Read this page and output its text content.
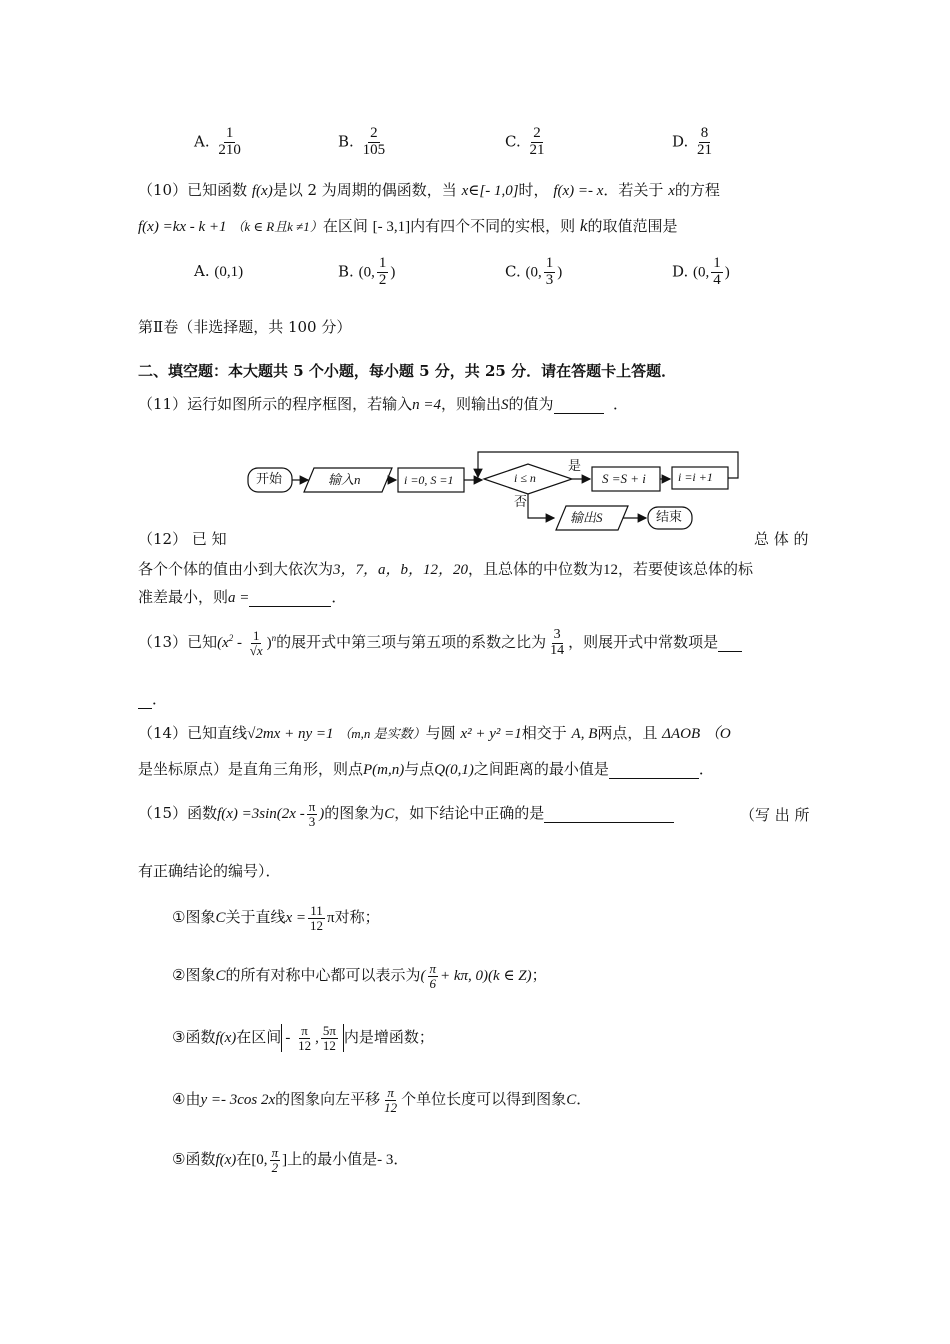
A. $\frac{1}{210}$	B. $\frac{2}{105}$	C. $\frac{2}{21}$	D. $\frac{8}{21}$
（10）已知函数 f(x)是以 2 为周期的偶函数，当 x∈[- 1,0]时， f(x) =- x．若关于 x的方程
f(x) =kx - k +1 （k ∈ R且k ≠1）在区间 [- 3,1]内有四个不同的实根，则 k的取值范围是
A. (0,1)	B. (0, $\frac{1}{2}$ )	C. (0, $\frac{1}{3}$ )	D. (0, $\frac{1}{4}$ )
第Ⅱ卷（非选择题，共 100 分）
二、填空题：本大题共 5 个小题，每小题 5 分，共 25 分．请在答题卡上答题．
（11）运行如图所示的程序框图，若输入n =4，则输出S的值为	．
开始	输入n	i =0, S =1	i ≤ n
是
否
S =S + i	i =i +1
输出S	结束
（12） 已 知	总 体 的
各个个体的值由小到大依次为3，7，a，b，12，20，且总体的中位数为12，若要使该总体的标
准差最小，则a =	．
（13）已知$(x^2 - \frac{1}{√x} )^n$的展开式中第三项与第五项的系数之比为 $\frac{3}{14}$ ，则展开式中常数项是
．
（14）已知直线√2mx + ny =1 （m,n 是实数）与圆 x² + y² =1相交于 A, B两点，且 ΔAOB （O
是坐标原点）是直角三角形，则点P(m,n)与点Q(0,1)之间距离的最小值是	．
（15）函数$f(x) =3\sin(2x - \frac{\pi}{3}$ )的图象为C，如下结论中正确的是	（写 出 所
有正确结论的编号）．
①图象C关于直线$x = \frac{11}{12}$ π对称；
②图象C的所有对称中心都可以表示为( $\frac{\pi}{6} + k\pi$, 0)(k ∈ Z)；
③函数f(x)在区间 - $\frac{\pi}{12}$ , $\frac{5\pi}{12}$ 内是增函数；
④由y =- 3cos 2x的图象向左平移 $\frac{\pi}{12}$ 个单位长度可以得到图象C．
⑤函数f(x)在[0, $\frac{\pi}{2}$ ]上的最小值是- 3．
